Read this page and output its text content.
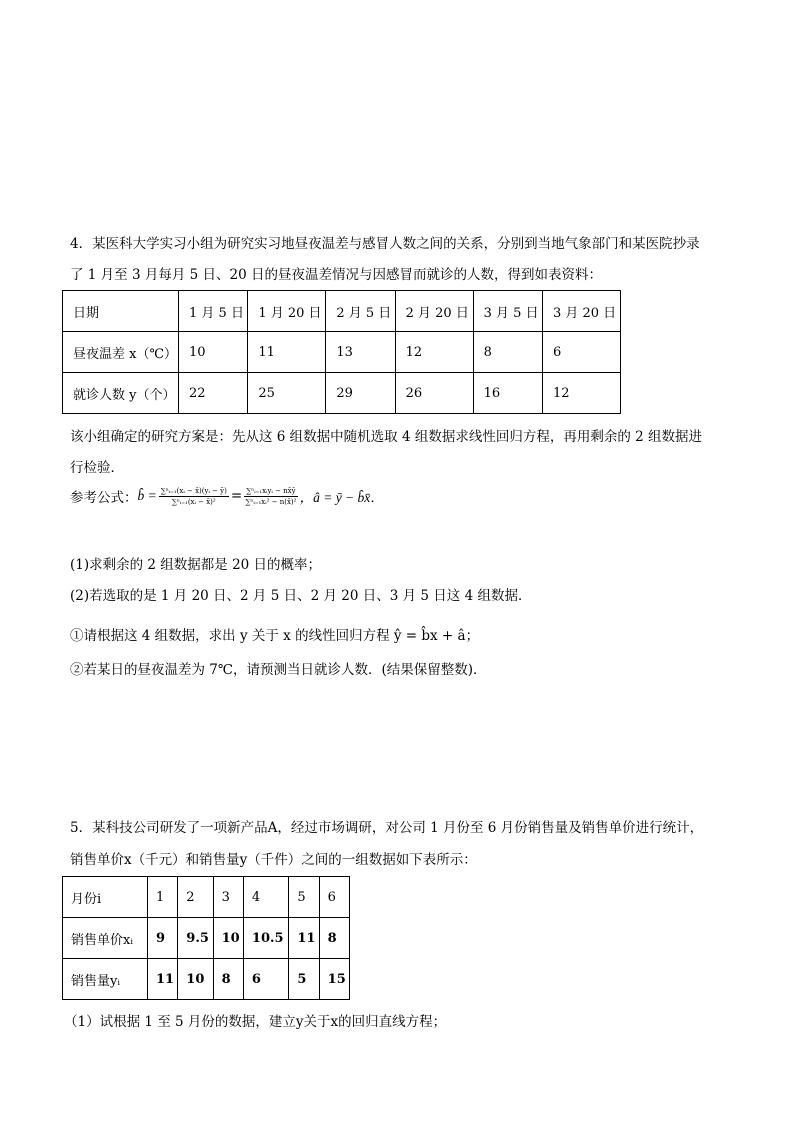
4．某医科大学实习小组为研究实习地昼夜温差与感冒人数之间的关系，分别到当地气象部门和某医院抄录
了 1 月至 3 月每月 5 日、20 日的昼夜温差情况与因感冒而就诊的人数，得到如表资料：
日期	1 月 5 日	1 月 20 日	2 月 5 日	2 月 20 日	3 月 5 日	3 月 20 日
昼夜温差 x（℃）	10	11	13	12	8	6
就诊人数 y（个）	22	25	29	26	16	12
该小组确定的研究方案是：先从这 6 组数据中随机选取 4 组数据求线性回归方程，再用剩余的 2 组数据进
行检验．
参考公式： b̂ = $\frac{\text{∑ⁿᵢ₌₁(xᵢ − x̄)(yᵢ − ȳ)}}{\text{∑ⁿᵢ₌₁(xᵢ − x̄)²}} = \frac{\text{∑ⁿᵢ₌₁xᵢyᵢ − nx̄ȳ}}{\text{∑ⁿᵢ₌₁xᵢ² − n(x̄)²}}$ ，â = ȳ − b̂x̄．
(1)求剩余的 2 组数据都是 20 日的概率；
(2)若选取的是 1 月 20 日、2 月 5 日、2 月 20 日、3 月 5 日这 4 组数据．
①请根据这 4 组数据，求出 y 关于 x 的线性回归方程 ŷ = b̂x + â；
②若某日的昼夜温差为 7℃，请预测当日就诊人数．(结果保留整数)．
5．某科技公司研发了一项新产品A，经过市场调研，对公司 1 月份至 6 月份销售量及销售单价进行统计，
销售单价x（千元）和销售量y（千件）之间的一组数据如下表所示：
月份i	1	2	3	4	5	6
销售单价xᵢ	9	9.5	10	10.5	11	8
销售量yᵢ	11	10	8	6	5	15
（1）试根据 1 至 5 月份的数据，建立y关于x的回归直线方程；
